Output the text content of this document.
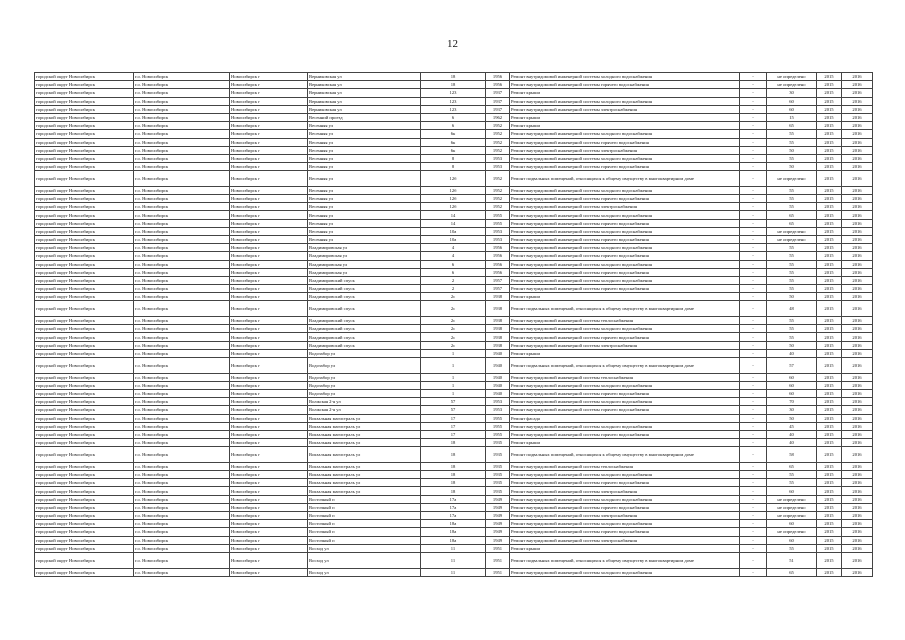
12
городской округ Новосибирск	г.о. Новосибирск	Новосибирск г	Верниковская ул	18	1956	Ремонт внутридомовой инженерной системы холодного водоснабжения	-	не определено	2015	2016
городской округ Новосибирск	г.о. Новосибирск	Новосибирск г	Верниковская ул	18	1956	Ремонт внутридомовой инженерной системы горячего водоснабжения	-	не определено	2015	2016
городской округ Новосибирск	г.о. Новосибирск	Новосибирск г	Верниковская ул	123	1937	Ремонт крыши	-	30	2015	2016
городской округ Новосибирск	г.о. Новосибирск	Новосибирск г	Верниковская ул	123	1937	Ремонт внутридомовой инженерной системы холодного водоснабжения	-	60	2015	2016
городской округ Новосибирск	г.о. Новосибирск	Новосибирск г	Верниковская ул	123	1937	Ремонт внутридомовой инженерной системы электроснабжения	-	60	2015	2016
городской округ Новосибирск	г.о. Новосибирск	Новосибирск г	Весенний проезд	6	1962	Ремонт крыши	-	15	2015	2016
городской округ Новосибирск	г.о. Новосибирск	Новосибирск г	Весенняя ул	6	1952	Ремонт крыши	-	65	2015	2016
городской округ Новосибирск	г.о. Новосибирск	Новосибирск г	Весенняя ул	6к	1952	Ремонт внутридомовой инженерной системы холодного водоснабжения	-	55	2015	2016
городской округ Новосибирск	г.о. Новосибирск	Новосибирск г	Весенняя ул	6к	1952	Ремонт внутридомовой инженерной системы горячего водоснабжения	-	55	2015	2016
городской округ Новосибирск	г.о. Новосибирск	Новосибирск г	Весенняя ул	6к	1952	Ремонт внутридомовой инженерной системы электроснабжения	-	50	2015	2016
городской округ Новосибирск	г.о. Новосибирск	Новосибирск г	Весенняя ул	8	1953	Ремонт внутридомовой инженерной системы холодного водоснабжения	-	55	2015	2016
городской округ Новосибирск	г.о. Новосибирск	Новосибирск г	Весенняя ул	8	1953	Ремонт внутридомовой инженерной системы горячего водоснабжения	-	50	2015	2016
городской округ Новосибирск	г.о. Новосибирск	Новосибирск г	Весенняя ул	12б	1952	Ремонт подвальных помещений, относящихся к общему имуществу в многоквартирном доме	-	не определено	2015	2016
городской округ Новосибирск	г.о. Новосибирск	Новосибирск г	Весенняя ул	12б	1952	Ремонт внутридомовой инженерной системы холодного водоснабжения	-	55	2015	2016
городской округ Новосибирск	г.о. Новосибирск	Новосибирск г	Весенняя ул	12б	1952	Ремонт внутридомовой инженерной системы горячего водоснабжения	-	55	2015	2016
городской округ Новосибирск	г.о. Новосибирск	Новосибирск г	Весенняя ул	12б	1952	Ремонт внутридомовой инженерной системы электроснабжения	-	55	2015	2016
городской округ Новосибирск	г.о. Новосибирск	Новосибирск г	Весенняя ул	14	1955	Ремонт внутридомовой инженерной системы холодного водоснабжения	-	65	2015	2016
городской округ Новосибирск	г.о. Новосибирск	Новосибирск г	Весенняя ул	14	1955	Ремонт внутридомовой инженерной системы горячего водоснабжения	-	65	2015	2016
городской округ Новосибирск	г.о. Новосибирск	Новосибирск г	Весенняя ул	10а	1953	Ремонт внутридомовой инженерной системы холодного водоснабжения	-	не определено	2015	2016
городской округ Новосибирск	г.о. Новосибирск	Новосибирск г	Весенняя ул	10а	1953	Ремонт внутридомовой инженерной системы горячего водоснабжения	-	не определено	2015	2016
городской округ Новосибирск	г.о. Новосибирск	Новосибирск г	Владимировская ул	4	1956	Ремонт внутридомовой инженерной системы холодного водоснабжения	-	55	2015	2016
городской округ Новосибирск	г.о. Новосибирск	Новосибирск г	Владимировская ул	4	1956	Ремонт внутридомовой инженерной системы горячего водоснабжения	-	55	2015	2016
городской округ Новосибирск	г.о. Новосибирск	Новосибирск г	Владимировская ул	6	1956	Ремонт внутридомовой инженерной системы холодного водоснабжения	-	55	2015	2016
городской округ Новосибирск	г.о. Новосибирск	Новосибирск г	Владимировская ул	6	1956	Ремонт внутридомовой инженерной системы горячего водоснабжения	-	55	2015	2016
городской округ Новосибирск	г.о. Новосибирск	Новосибирск г	Владимировский спуск	2	1957	Ремонт внутридомовой инженерной системы холодного водоснабжения	-	55	2015	2016
городской округ Новосибирск	г.о. Новосибирск	Новосибирск г	Владимировский спуск	2	1957	Ремонт внутридомовой инженерной системы горячего водоснабжения	-	55	2015	2016
городской округ Новосибирск	г.о. Новосибирск	Новосибирск г	Владимировский спуск	2с	1938	Ремонт крыши	-	50	2015	2016
городской округ Новосибирск	г.о. Новосибирск	Новосибирск г	Владимировский спуск	2с	1938	Ремонт подвальных помещений, относящихся к общему имуществу в многоквартирном доме	-	48	2015	2016
городской округ Новосибирск	г.о. Новосибирск	Новосибирск г	Владимировский спуск	2с	1938	Ремонт внутридомовой инженерной системы теплоснабжения	-	55	2015	2016
городской округ Новосибирск	г.о. Новосибирск	Новосибирск г	Владимировский спуск	2с	1938	Ремонт внутридомовой инженерной системы холодного водоснабжения	-	55	2015	2016
городской округ Новосибирск	г.о. Новосибирск	Новосибирск г	Владимировский спуск	2с	1938	Ремонт внутридомовой инженерной системы горячего водоснабжения	-	55	2015	2016
городской округ Новосибирск	г.о. Новосибирск	Новосибирск г	Владимировский спуск	2с	1938	Ремонт внутридомовой инженерной системы электроснабжения	-	50	2015	2016
городской округ Новосибирск	г.о. Новосибирск	Новосибирск г	Водозабор ул	1	1940	Ремонт крыши	-	40	2015	2016
городской округ Новосибирск	г.о. Новосибирск	Новосибирск г	Водозабор ул	1	1940	Ремонт подвальных помещений, относящихся к общему имуществу в многоквартирном доме	-	57	2015	2016
городской округ Новосибирск	г.о. Новосибирск	Новосибирск г	Водозабор ул	1	1940	Ремонт внутридомовой инженерной системы теплоснабжения	-	60	2015	2016
городской округ Новосибирск	г.о. Новосибирск	Новосибирск г	Водозабор ул	1	1940	Ремонт внутридомовой инженерной системы холодного водоснабжения	-	60	2015	2016
городской округ Новосибирск	г.о. Новосибирск	Новосибирск г	Водозабор ул	1	1940	Ремонт внутридомовой инженерной системы горячего водоснабжения	-	60	2015	2016
городской округ Новосибирск	г.о. Новосибирск	Новосибирск г	Волжская 2-я ул	57	1953	Ремонт внутридомовой инженерной системы холодного водоснабжения	-	70	2015	2016
городской округ Новосибирск	г.о. Новосибирск	Новосибирск г	Волжская 2-я ул	57	1953	Ремонт внутридомовой инженерной системы горячего водоснабжения	-	30	2015	2016
городской округ Новосибирск	г.о. Новосибирск	Новосибирск г	Вокзальная магистраль ул	17	1955	Ремонт фасада	-	50	2015	2016
городской округ Новосибирск	г.о. Новосибирск	Новосибирск г	Вокзальная магистраль ул	17	1955	Ремонт внутридомовой инженерной системы холодного водоснабжения	-	45	2015	2016
городской округ Новосибирск	г.о. Новосибирск	Новосибирск г	Вокзальная магистраль ул	17	1955	Ремонт внутридомовой инженерной системы горячего водоснабжения	-	40	2015	2016
городской округ Новосибирск	г.о. Новосибирск	Новосибирск г	Вокзальная магистраль ул	18	1935	Ремонт крыши	-	40	2015	2016
городской округ Новосибирск	г.о. Новосибирск	Новосибирск г	Вокзальная магистраль ул	18	1935	Ремонт подвальных помещений, относящихся к общему имуществу в многоквартирном доме	-	58	2015	2016
городской округ Новосибирск	г.о. Новосибирск	Новосибирск г	Вокзальная магистраль ул	18	1935	Ремонт внутридомовой инженерной системы теплоснабжения	-	65	2015	2016
городской округ Новосибирск	г.о. Новосибирск	Новосибирск г	Вокзальная магистраль ул	18	1935	Ремонт внутридомовой инженерной системы холодного водоснабжения	-	55	2015	2016
городской округ Новосибирск	г.о. Новосибирск	Новосибирск г	Вокзальная магистраль ул	18	1935	Ремонт внутридомовой инженерной системы горячего водоснабжения	-	55	2015	2016
городской округ Новосибирск	г.о. Новосибирск	Новосибирск г	Вокзальная магистраль ул	18	1935	Ремонт внутридомовой инженерной системы электроснабжения	-	60	2015	2016
городской округ Новосибирск	г.о. Новосибирск	Новосибирск г	Восточный п	17а	1949	Ремонт внутридомовой инженерной системы холодного водоснабжения	-	не определено	2015	2016
городской округ Новосибирск	г.о. Новосибирск	Новосибирск г	Восточный п	17а	1949	Ремонт внутридомовой инженерной системы горячего водоснабжения	-	не определено	2015	2016
городской округ Новосибирск	г.о. Новосибирск	Новосибирск г	Восточный п	17а	1949	Ремонт внутридомовой инженерной системы электроснабжения	-	не определено	2015	2016
городской округ Новосибирск	г.о. Новосибирск	Новосибирск г	Восточный п	18а	1949	Ремонт внутридомовой инженерной системы холодного водоснабжения	-	60	2015	2016
городской округ Новосибирск	г.о. Новосибирск	Новосибирск г	Восточный п	18а	1949	Ремонт внутридомовой инженерной системы горячего водоснабжения	-	не определено	2015	2016
городской округ Новосибирск	г.о. Новосибирск	Новосибирск г	Восточный п	18а	1949	Ремонт внутридомовой инженерной системы электроснабжения	-	60	2015	2016
городской округ Новосибирск	г.о. Новосибирск	Новосибирск г	Восход ул	11	1951	Ремонт крыши	-	55	2015	2016
городской округ Новосибирск	г.о. Новосибирск	Новосибирск г	Восход ул	11	1951	Ремонт подвальных помещений, относящихся к общему имуществу в многоквартирном доме	-	51	2015	2016
городской округ Новосибирск	г.о. Новосибирск	Новосибирск г	Восход ул	11	1951	Ремонт внутридомовой инженерной системы холодного водоснабжения	-	65	2015	2016
